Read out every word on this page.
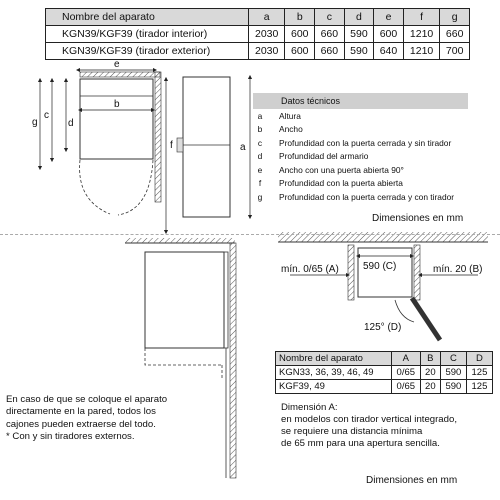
Nombre del aparato	a	b	c	d	e	f	g
KGN39/KGF39 (tirador interior)	2030	600	660	590	600	1210	660
KGN39/KGF39 (tirador exterior)	2030	600	660	590	640	1210	700
e
b
c
d
g
f	a
mín. 0/65 (A) 590 (C)	mín. 20 (B)
125° (D)
Datos técnicos
a	Altura
b	Ancho
c	Profundidad con la puerta cerrada y sin tirador
d	Profundidad del armario
e	Ancho con una puerta abierta 90°
f	Profundidad con la puerta abierta
g	Profundidad con la puerta cerrada y con tirador
Dimensiones en mm
Nombre del aparato	A	B	C	D
KGN33, 36, 39, 46, 49	0/65	20	590	125
KGF39, 49	0/65	20	590	125
Dimensión A:
en modelos con tirador vertical integrado,
se requiere una distancia mínima
de 65 mm para una apertura sencilla.
Dimensiones en mm
En caso de que se coloque el aparato
directamente en la pared, todos los
cajones pueden extraerse del todo.
* Con y sin tiradores externos.
